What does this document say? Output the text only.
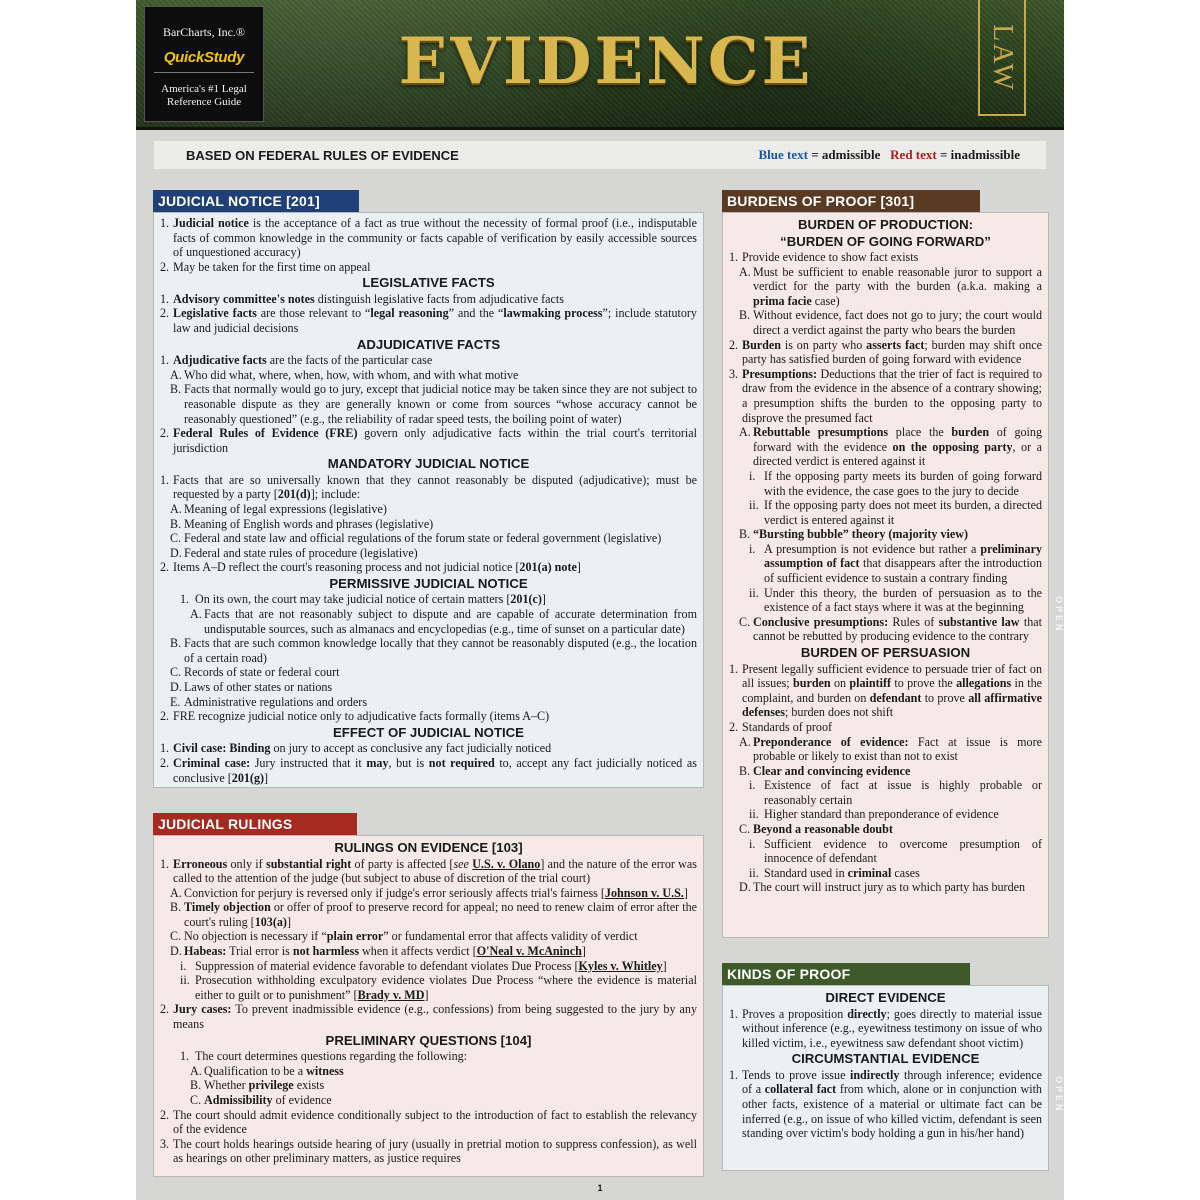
BarCharts, Inc.®
QuickStudy
America's #1 Legal Reference Guide
EVIDENCE	LAW
BASED ON FEDERAL RULES OF EVIDENCE	Blue text = admissible   Red text = inadmissible
JUDICIAL NOTICE [201]
1. Judicial notice is the acceptance of a fact as true without the necessity of formal proof (i.e., indisputable facts of common knowledge in the community or facts capable of verification by easily accessible sources of unquestioned accuracy)
2. May be taken for the first time on appeal
LEGISLATIVE FACTS
1. Advisory committee's notes distinguish legislative facts from adjudicative facts
2. Legislative facts are those relevant to “legal reasoning” and the “lawmaking process”; include statutory law and judicial decisions
ADJUDICATIVE FACTS
1. Adjudicative facts are the facts of the particular case
A. Who did what, where, when, how, with whom, and with what motive
B. Facts that normally would go to jury, except that judicial notice may be taken since they are not subject to reasonable dispute as they are generally known or come from sources “whose accuracy cannot be reasonably questioned” (e.g., the reliability of radar speed tests, the boiling point of water)
2. Federal Rules of Evidence (FRE) govern only adjudicative facts within the trial court's territorial jurisdiction
MANDATORY JUDICIAL NOTICE
1. Facts that are so universally known that they cannot reasonably be disputed (adjudicative); must be requested by a party [201(d)]; include:
A. Meaning of legal expressions (legislative)
B. Meaning of English words and phrases (legislative)
C. Federal and state law and official regulations of the forum state or federal government (legislative)
D. Federal and state rules of procedure (legislative)
2. Items A–D reflect the court's reasoning process and not judicial notice [201(a) note]
PERMISSIVE JUDICIAL NOTICE
1. On its own, the court may take judicial notice of certain matters [201(c)]
A. Facts that are not reasonably subject to dispute and are capable of accurate determination from undisputable sources, such as almanacs and encyclopedias (e.g., time of sunset on a particular date)
B. Facts that are such common knowledge locally that they cannot be reasonably disputed (e.g., the location of a certain road)
C. Records of state or federal court
D. Laws of other states or nations
E. Administrative regulations and orders
2. FRE recognize judicial notice only to adjudicative facts formally (items A–C)
EFFECT OF JUDICIAL NOTICE
1. Civil case: Binding on jury to accept as conclusive any fact judicially noticed
2. Criminal case: Jury instructed that it may, but is not required to, accept any fact judicially noticed as conclusive [201(g)]
JUDICIAL RULINGS
RULINGS ON EVIDENCE [103]
1. Erroneous only if substantial right of party is affected [see U.S. v. Olano] and the nature of the error was called to the attention of the judge (but subject to abuse of discretion of the trial court)
A. Conviction for perjury is reversed only if judge's error seriously affects trial's fairness [Johnson v. U.S.]
B. Timely objection or offer of proof to preserve record for appeal; no need to renew claim of error after the court's ruling [103(a)]
C. No objection is necessary if “plain error” or fundamental error that affects validity of verdict
D. Habeas: Trial error is not harmless when it affects verdict [O'Neal v. McAninch]
i. Suppression of material evidence favorable to defendant violates Due Process [Kyles v. Whitley]
ii. Prosecution withholding exculpatory evidence violates Due Process “where the evidence is material either to guilt or to punishment” [Brady v. MD]
2. Jury cases: To prevent inadmissible evidence (e.g., confessions) from being suggested to the jury by any means
PRELIMINARY QUESTIONS [104]
1. The court determines questions regarding the following:
A. Qualification to be a witness
B. Whether privilege exists
C. Admissibility of evidence
2. The court should admit evidence conditionally subject to the introduction of fact to establish the relevancy of the evidence
3. The court holds hearings outside hearing of jury (usually in pretrial motion to suppress confession), as well as hearings on other preliminary matters, as justice requires
BURDENS OF PROOF [301]
BURDEN OF PRODUCTION:
“BURDEN OF GOING FORWARD”
1. Provide evidence to show fact exists
A. Must be sufficient to enable reasonable juror to support a verdict for the party with the burden (a.k.a. making a prima facie case)
B. Without evidence, fact does not go to jury; the court would direct a verdict against the party who bears the burden
2. Burden is on party who asserts fact; burden may shift once party has satisfied burden of going forward with evidence
3. Presumptions: Deductions that the trier of fact is required to draw from the evidence in the absence of a contrary showing; a presumption shifts the burden to the opposing party to disprove the presumed fact
A. Rebuttable presumptions place the burden of going forward with the evidence on the opposing party, or a directed verdict is entered against it
i. If the opposing party meets its burden of going forward with the evidence, the case goes to the jury to decide
ii. If the opposing party does not meet its burden, a directed verdict is entered against it
B. “Bursting bubble” theory (majority view)
i. A presumption is not evidence but rather a preliminary assumption of fact that disappears after the introduction of sufficient evidence to sustain a contrary finding
ii. Under this theory, the burden of persuasion as to the existence of a fact stays where it was at the beginning
C. Conclusive presumptions: Rules of substantive law that cannot be rebutted by producing evidence to the contrary
BURDEN OF PERSUASION
1. Present legally sufficient evidence to persuade trier of fact on all issues; burden on plaintiff to prove the allegations in the complaint, and burden on defendant to prove all affirmative defenses; burden does not shift
2. Standards of proof
A. Preponderance of evidence: Fact at issue is more probable or likely to exist than not to exist
B. Clear and convincing evidence
i. Existence of fact at issue is highly probable or reasonably certain
ii. Higher standard than preponderance of evidence
C. Beyond a reasonable doubt
i. Sufficient evidence to overcome presumption of innocence of defendant
ii. Standard used in criminal cases
D. The court will instruct jury as to which party has burden
KINDS OF PROOF
DIRECT EVIDENCE
1. Proves a proposition directly; goes directly to material issue without inference (e.g., eyewitness testimony on issue of who killed victim, i.e., eyewitness saw defendant shoot victim)
CIRCUMSTANTIAL EVIDENCE
1. Tends to prove issue indirectly through inference; evidence of a collateral fact from which, alone or in conjunction with other facts, existence of a material or ultimate fact can be inferred (e.g., on issue of who killed victim, defendant is seen standing over victim's body holding a gun in his/her hand)
OPEN
OPEN
1
